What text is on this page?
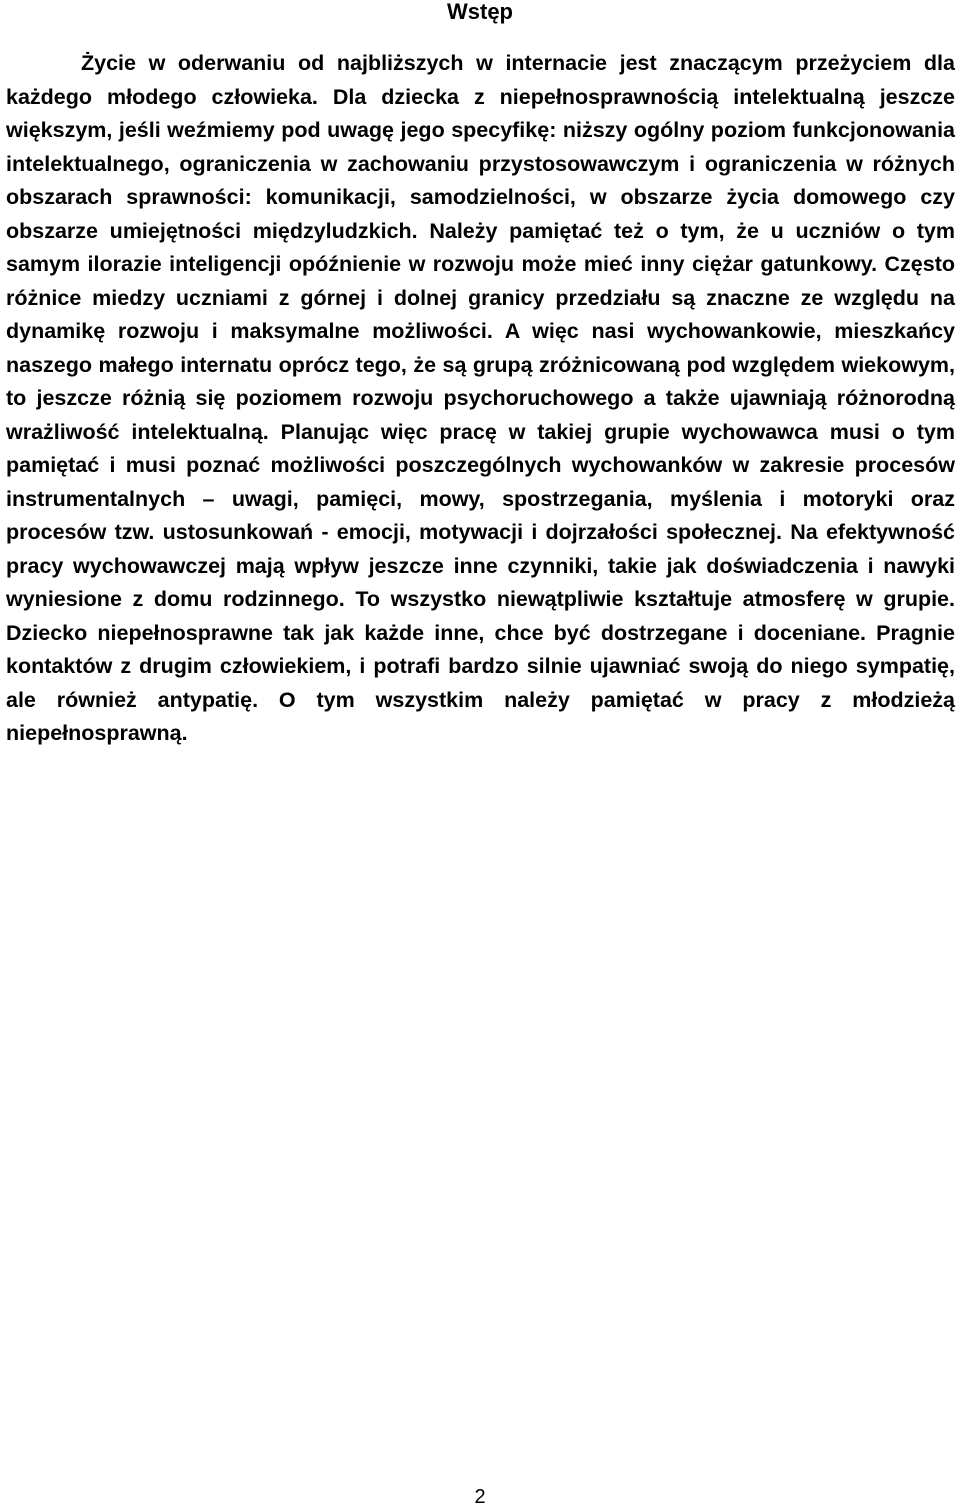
Wstęp

Życie w oderwaniu od najbliższych w internacie jest znaczącym przeżyciem dla każdego młodego człowieka. Dla dziecka z niepełnosprawnością intelektualną jeszcze większym, jeśli weźmiemy pod uwagę jego specyfikę: niższy ogólny poziom funkcjonowania intelektualnego, ograniczenia w zachowaniu przystosowawczym i ograniczenia w różnych obszarach sprawności: komunikacji, samodzielności, w obszarze życia domowego czy obszarze umiejętności międzyludzkich. Należy pamiętać też o tym, że u uczniów o tym samym ilorazie inteligencji opóźnienie w rozwoju może mieć inny ciężar gatunkowy. Często różnice miedzy uczniami z górnej i dolnej granicy przedziału są znaczne ze względu na dynamikę rozwoju i maksymalne możliwości. A więc nasi wychowankowie, mieszkańcy naszego małego internatu oprócz tego, że są grupą zróżnicowaną pod względem wiekowym, to jeszcze różnią się poziomem rozwoju psychoruchowego a także ujawniają różnorodną wrażliwość intelektualną. Planując więc pracę w takiej grupie wychowawca musi o tym pamiętać i musi poznać możliwości poszczególnych wychowanków w zakresie procesów instrumentalnych – uwagi, pamięci, mowy, spostrzegania, myślenia i motoryki oraz procesów tzw. ustosunkowań - emocji, motywacji i dojrzałości społecznej. Na efektywność pracy wychowawczej mają wpływ jeszcze inne czynniki, takie jak doświadczenia i nawyki wyniesione z domu rodzinnego. To wszystko niewątpliwie kształtuje atmosferę w grupie. Dziecko niepełnosprawne tak jak każde inne, chce być dostrzegane i doceniane. Pragnie kontaktów z drugim człowiekiem, i potrafi bardzo silnie ujawniać swoją do niego sympatię, ale również antypatię. O tym wszystkim należy pamiętać w pracy z młodzieżą niepełnosprawną.

2
